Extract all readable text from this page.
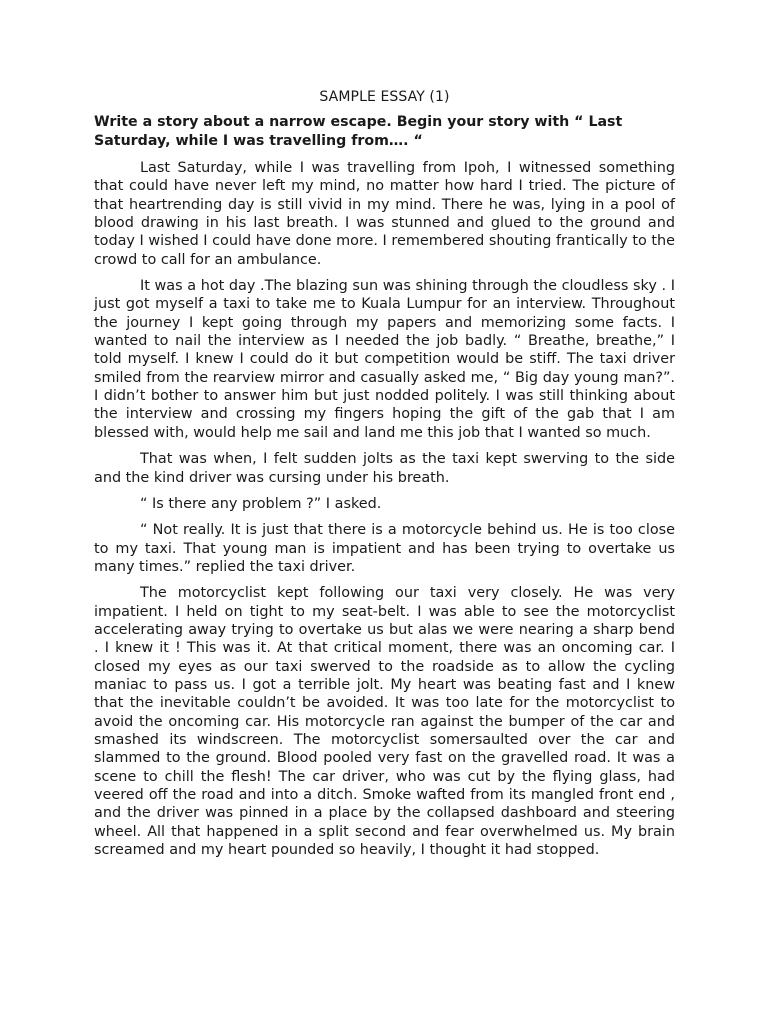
SAMPLE ESSAY (1)
Write a story about a narrow escape. Begin your story with “ Last Saturday, while I was travelling from…. “

Last Saturday, while I was travelling from Ipoh, I witnessed something that could have never left my mind, no matter how hard I tried. The picture of that heartrending day is still vivid in my mind. There he was, lying in a pool of blood drawing in his last breath. I was stunned and glued to the ground and today I wished I could have done more. I remembered shouting frantically to the crowd to call for an ambulance.

It was a hot day .The blazing sun was shining through the cloudless sky . I just got myself a taxi to take me to Kuala Lumpur for an interview. Throughout the journey I kept going through my papers and memorizing some facts. I wanted to nail the interview as I needed the job badly. “ Breathe, breathe,” I told myself. I knew I could do it but competition would be stiff. The taxi driver smiled from the rearview mirror and casually asked me, “ Big day young man?”. I didn’t bother to answer him but just nodded politely. I was still thinking about the interview and crossing my fingers hoping the gift of the gab that I am blessed with, would help me sail and land me this job that I wanted so much.

That was when, I felt sudden jolts as the taxi kept swerving to the side and the kind driver was cursing under his breath.

“ Is there any problem ?” I asked.

“ Not really. It is just that there is a motorcycle behind us. He is too close to my taxi. That young man is impatient and has been trying to overtake us many times.” replied the taxi driver.

The motorcyclist kept following our taxi very closely. He was very impatient. I held on tight to my seat-belt. I was able to see the motorcyclist accelerating away trying to overtake us but alas we were nearing a sharp bend . I knew it ! This was it. At that critical moment, there was an oncoming car. I closed my eyes as our taxi swerved to the roadside as to allow the cycling maniac to pass us. I got a terrible jolt. My heart was beating fast and I knew that the inevitable couldn’t be avoided. It was too late for the motorcyclist to avoid the oncoming car. His motorcycle ran against the bumper of the car and smashed its windscreen. The motorcyclist somersaulted over the car and slammed to the ground. Blood pooled very fast on the gravelled road. It was a scene to chill the flesh! The car driver, who was cut by the flying glass, had veered off the road and into a ditch. Smoke wafted from its mangled front end , and the driver was pinned in a place by the collapsed dashboard and steering wheel. All that happened in a split second and fear overwhelmed us. My brain screamed and my heart pounded so heavily, I thought it had stopped.
